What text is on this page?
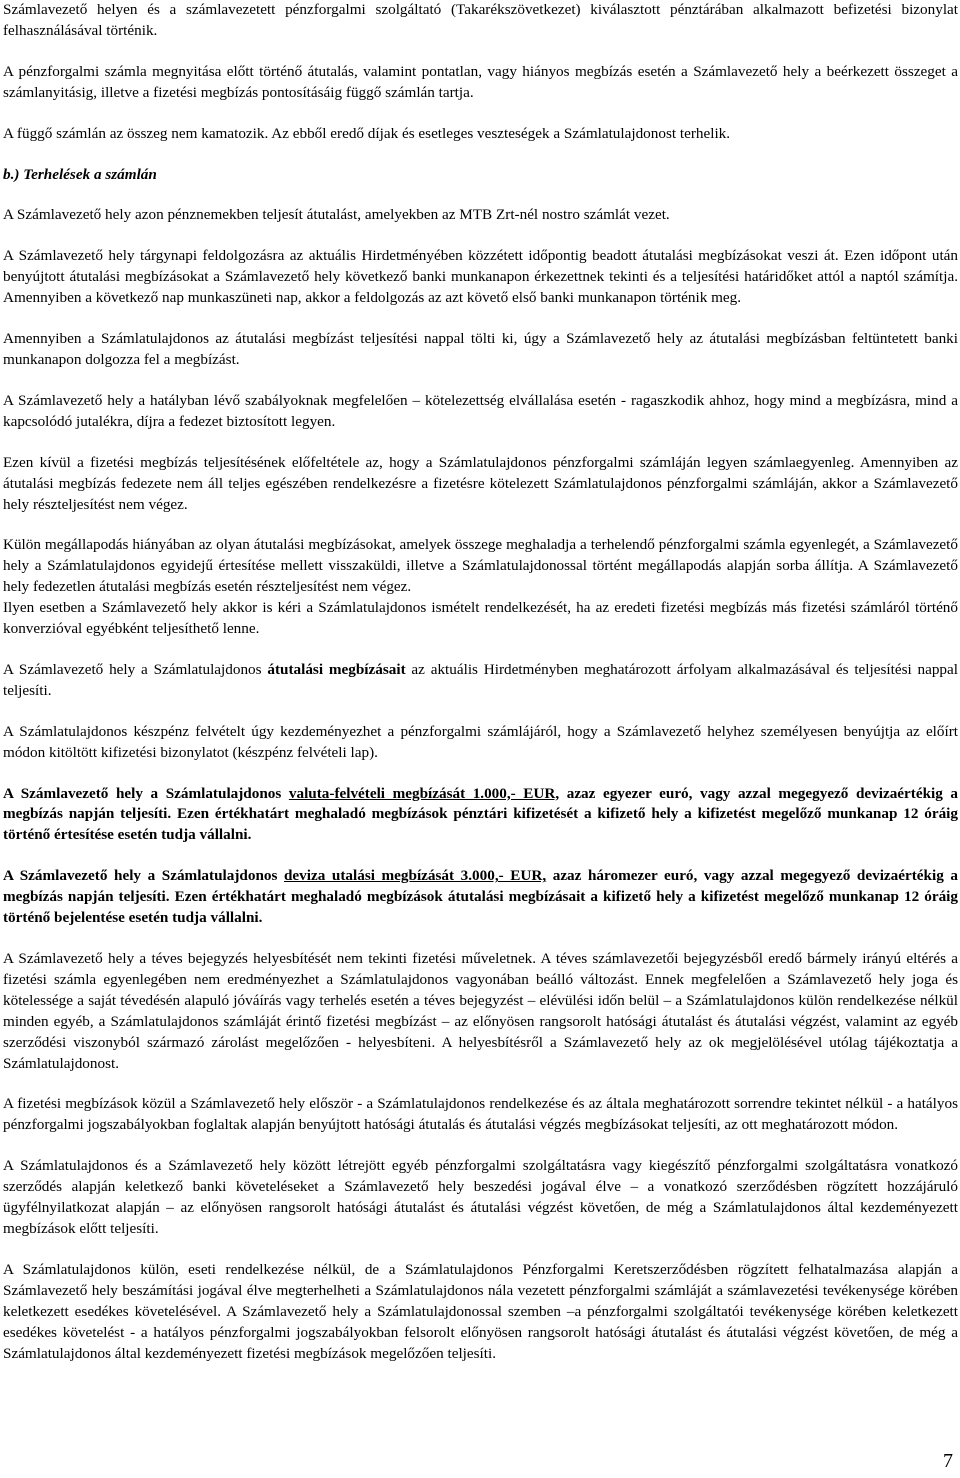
Számlavezető helyen és a számlavezetett pénzforgalmi szolgáltató (Takarékszövetkezet) kiválasztott pénztárában alkalmazott befizetési bizonylat felhasználásával történik.

A pénzforgalmi számla megnyitása előtt történő átutalás, valamint pontatlan, vagy hiányos megbízás esetén a Számlavezető hely a beérkezett összeget a számlanyitásig, illetve a fizetési megbízás pontosításáig függő számlán tartja.

A függő számlán az összeg nem kamatozik. Az ebből eredő díjak és esetleges veszteségek a Számlatulajdonost terhelik.

b.) Terhelések a számlán

A Számlavezető hely azon pénznemekben teljesít átutalást, amelyekben az MTB Zrt-nél nostro számlát vezet.

A Számlavezető hely tárgynapi feldolgozásra az aktuális Hirdetményében közzétett időpontig beadott átutalási megbízásokat veszi át. Ezen időpont után benyújtott átutalási megbízásokat a Számlavezető hely következő banki munkanapon érkezettnek tekinti és a teljesítési határidőket attól a naptól számítja. Amennyiben a következő nap munkaszüneti nap, akkor a feldolgozás az azt követő első banki munkanapon történik meg.

Amennyiben a Számlatulajdonos az átutalási megbízást teljesítési nappal tölti ki, úgy a Számlavezető hely az átutalási megbízásban feltüntetett banki munkanapon dolgozza fel a megbízást.

A Számlavezető hely a hatályban lévő szabályoknak megfelelően – kötelezettség elvállalása esetén - ragaszkodik ahhoz, hogy mind a megbízásra, mind a kapcsolódó jutalékra, díjra a fedezet biztosított legyen.

Ezen kívül a fizetési megbízás teljesítésének előfeltétele az, hogy a Számlatulajdonos pénzforgalmi számláján legyen számlaegyenleg. Amennyiben az átutalási megbízás fedezete nem áll teljes egészében rendelkezésre a fizetésre kötelezett Számlatulajdonos pénzforgalmi számláján, akkor a Számlavezető hely részteljesítést nem végez.

Külön megállapodás hiányában az olyan átutalási megbízásokat, amelyek összege meghaladja a terhelendő pénzforgalmi számla egyenlegét, a Számlavezető hely a Számlatulajdonos egyidejű értesítése mellett visszaküldi, illetve a Számlatulajdonossal történt megállapodás alapján sorba állítja. A Számlavezető hely fedezetlen átutalási megbízás esetén részteljesítést nem végez.

Ilyen esetben a Számlavezető hely akkor is kéri a Számlatulajdonos ismételt rendelkezését, ha az eredeti fizetési megbízás más fizetési számláról történő konverzióval egyébként teljesíthető lenne.

A Számlavezető hely a Számlatulajdonos átutalási megbízásait az aktuális Hirdetményben meghatározott árfolyam alkalmazásával és teljesítési nappal teljesíti.

A Számlatulajdonos készpénz felvételt úgy kezdeményezhet a pénzforgalmi számlájáról, hogy a Számlavezető helyhez személyesen benyújtja az előírt módon kitöltött kifizetési bizonylatot (készpénz felvételi lap).

A Számlavezető hely a Számlatulajdonos valuta-felvételi megbízását 1.000,- EUR, azaz egyezer euró, vagy azzal megegyező devizaértékig a megbízás napján teljesíti. Ezen értékhatárt meghaladó megbízások pénztári kifizetését a kifizető hely a kifizetést megelőző munkanap 12 óráig történő értesítése esetén tudja vállalni.

A Számlavezető hely a Számlatulajdonos deviza utalási megbízását 3.000,- EUR, azaz háromezer euró, vagy azzal megegyező devizaértékig a megbízás napján teljesíti. Ezen értékhatárt meghaladó megbízások átutalási megbízásait a kifizető hely a kifizetést megelőző munkanap 12 óráig történő bejelentése esetén tudja vállalni.

A Számlavezető hely a téves bejegyzés helyesbítését nem tekinti fizetési műveletnek. A téves számlavezetői bejegyzésből eredő bármely irányú eltérés a fizetési számla egyenlegében nem eredményezhet a Számlatulajdonos vagyonában beálló változást. Ennek megfelelően a Számlavezető hely joga és kötelessége a saját tévedésén alapuló jóváírás vagy terhelés esetén a téves bejegyzést – elévülési időn belül – a Számlatulajdonos külön rendelkezése nélkül minden egyéb, a Számlatulajdonos számláját érintő fizetési megbízást – az előnyösen rangsorolt hatósági átutalást és átutalási végzést, valamint az egyéb szerződési viszonyból származó zárolást megelőzően - helyesbíteni. A helyesbítésről a Számlavezető hely az ok megjelölésével utólag tájékoztatja a Számlatulajdonost.

A fizetési megbízások közül a Számlavezető hely először - a Számlatulajdonos rendelkezése és az általa meghatározott sorrendre tekintet nélkül - a hatályos pénzforgalmi jogszabályokban foglaltak alapján benyújtott hatósági átutalás és átutalási végzés megbízásokat teljesíti, az ott meghatározott módon.

A Számlatulajdonos és a Számlavezető hely között létrejött egyéb pénzforgalmi szolgáltatásra vagy kiegészítő pénzforgalmi szolgáltatásra vonatkozó szerződés alapján keletkező banki követeléseket a Számlavezető hely beszedési jogával élve – a vonatkozó szerződésben rögzített hozzájáruló ügyfélnyilatkozat alapján – az előnyösen rangsorolt hatósági átutalást és átutalási végzést követően, de még a Számlatulajdonos által kezdeményezett megbízások előtt teljesíti.

A Számlatulajdonos külön, eseti rendelkezése nélkül, de a Számlatulajdonos Pénzforgalmi Keretszerződésben rögzített felhatalmazása alapján a Számlavezető hely beszámítási jogával élve megterhelheti a Számlatulajdonos nála vezetett pénzforgalmi számláját a számlavezetési tevékenysége körében keletkezett esedékes követelésével. A Számlavezető hely a Számlatulajdonossal szemben –a pénzforgalmi szolgáltatói tevékenysége körében keletkezett esedékes követelést - a hatályos pénzforgalmi jogszabályokban felsorolt előnyösen rangsorolt hatósági átutalást és átutalási végzést követően, de még a Számlatulajdonos által kezdeményezett fizetési megbízások megelőzően teljesíti.

7
